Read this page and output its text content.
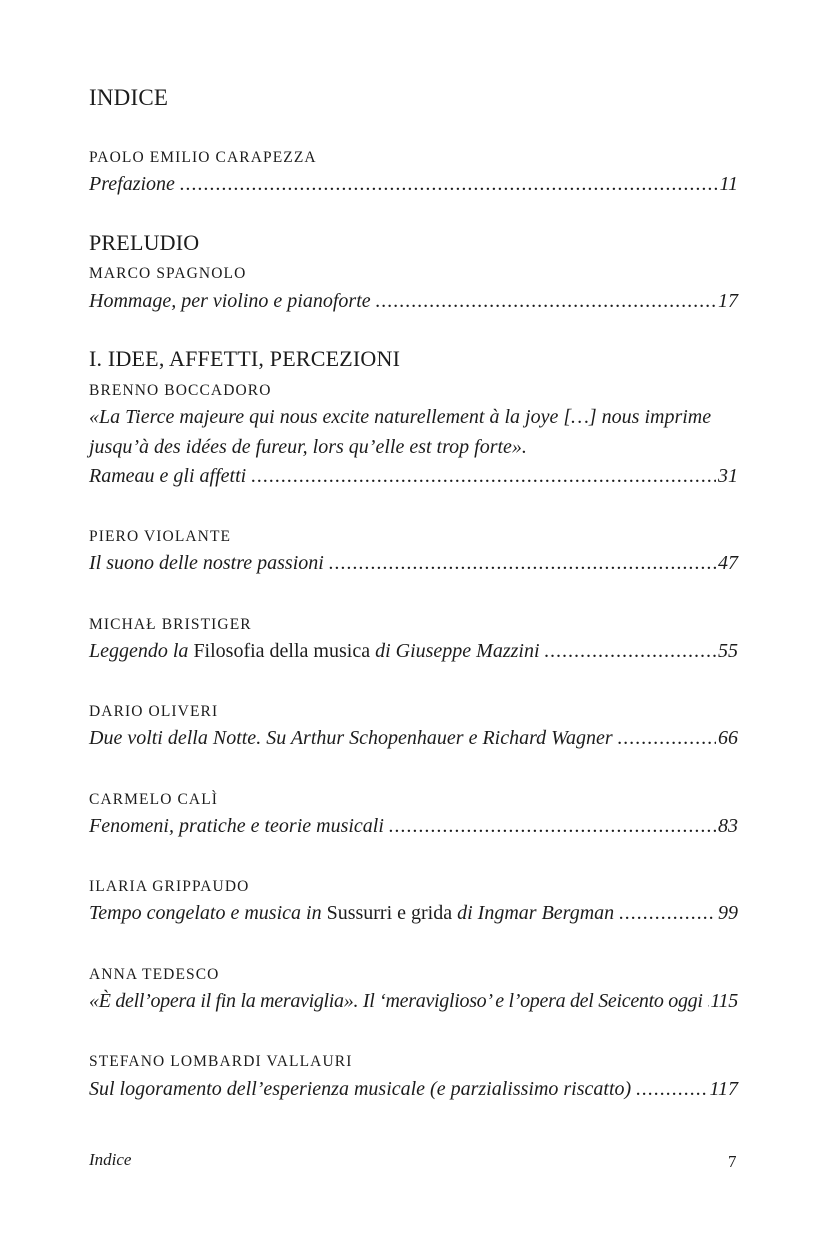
INDICE
PAOLO EMILIO CARAPEZZA
Prefazione .....	11
PRELUDIO
MARCO SPAGNOLO
Hommage, per violino e pianoforte .....	17
I. IDEE, AFFETTI, PERCEZIONI
BRENNO BOCCADORO
«La Tierce majeure qui nous excite naturellement à la joye […] nous imprime
jusqu’à des idées de fureur, lors qu’elle est trop forte».
Rameau e gli affetti .....	31
PIERO VIOLANTE
Il suono delle nostre passioni .....	47
MICHAŁ BRISTIGER
Leggendo la Filosofia della musica di Giuseppe Mazzini .....	55
DARIO OLIVERI
Due volti della Notte. Su Arthur Schopenhauer e Richard Wagner .....	66
CARMELO CALÌ
Fenomeni, pratiche e teorie musicali .....	83
ILARIA GRIPPAUDO
Tempo congelato e musica in Sussurri e grida di Ingmar Bergman .....	99
ANNA TEDESCO
«È dell’opera il fin la meraviglia». Il ‘meraviglioso’ e l’opera del Seicento oggi ..... 115
STEFANO LOMBARDI VALLAURI
Sul logoramento dell’esperienza musicale (e parzialissimo riscatto) .....	117
Indice	7
